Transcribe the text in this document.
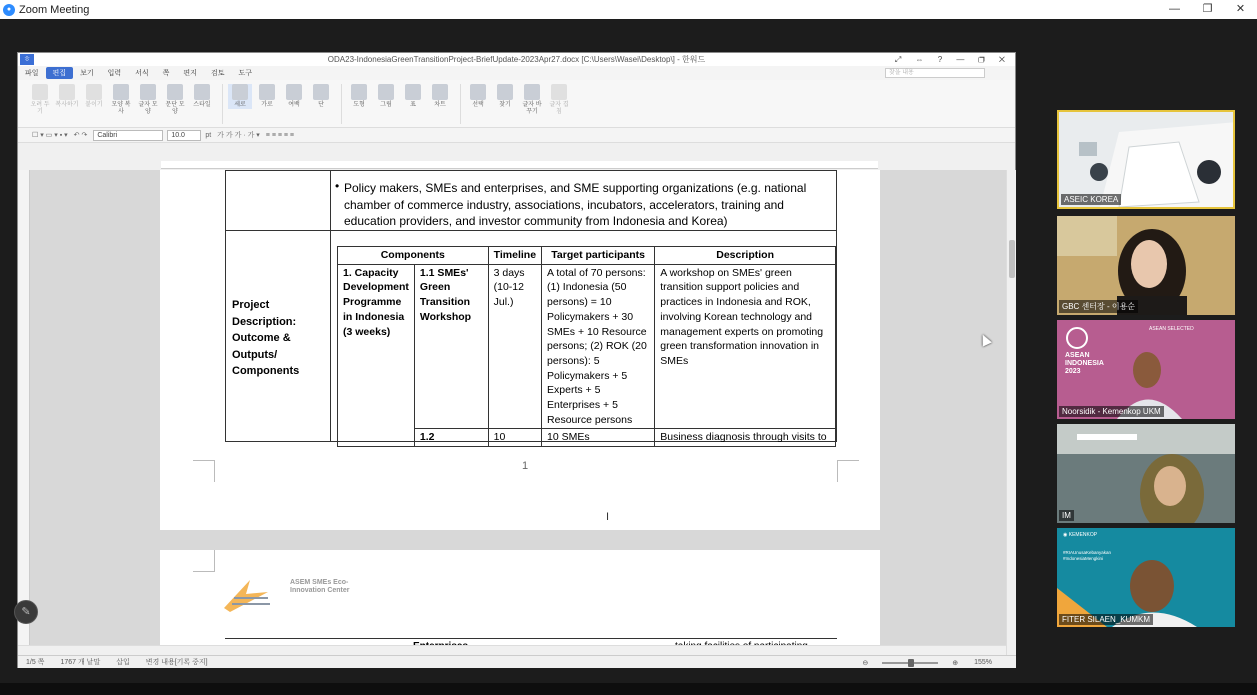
● Zoom Meeting	—	❐	✕
ㅎ	ODA23-IndonesiaGreenTransitionProject-BriefUpdate-2023Apr27.docx [C:\Users\Wasei\Desktop\] - 한워드	⤢ ⇔ ? — ❐ ✕
파일	편집	보기	입력	서식	쪽	편지	검토	도구	찾을 내용
오려 두기
복사하기 붙이기	모양 복사
글자 모양
문단 모양
스타일	세로	가로	여백	단	도형	그림	표	차트	선택	찾기	글자 바꾸기
글자 겹침
☐ ▾ ▭ ▾ ▪ ▾ ↶ ↷	Calibri	10.0	pt 가 가 가 · 가 ▾ ≡ ≡ ≡ ≡ ≡
• Policy makers, SMEs and enterprises, and SME supporting organizations (e.g. national chamber of commerce industry, associations, incubators, accelerators, training and education providers, and investor community from Indonesia and Korea)
Project Description: Outcome & Outputs/ Components
Components		Timeline	Target participants	Description
1. Capacity Development Programme in Indonesia (3 weeks)	1.1 SMEs' Green Transition Workshop	3 days (10-12 Jul.)	A total of 70 persons: (1) Indonesia (50 persons) = 10 Policymakers + 30 SMEs + 10 Resource persons; (2) ROK (20 persons): 5 Policymakers + 5 Experts + 5 Enterprises + 5 Resource persons	A workshop on SMEs' green transition support policies and practices in Indonesia and ROK, involving Korean technology and management experts on promoting green transformation innovation in SMEs
	1.2	10	10 SMEs	Business diagnosis through visits to
1
ASEM SMEs Eco-Innovation Center
I
1/5 쪽	1767 개 낱말	삽입	변경 내용[기록 중지]	⊖	⊕	155%
✎
ASEIC KOREA
GBC 센터장 - 이용순
ASEAN INDONESIA 2023
ASEAN SELECTED
Noorsidik - Kemenkop UKM
IM
◉ KEMENKOP
#RIAUnusaKebanyakan
#IndonesiaMengkini
FITER SILAEN_KUMKM
